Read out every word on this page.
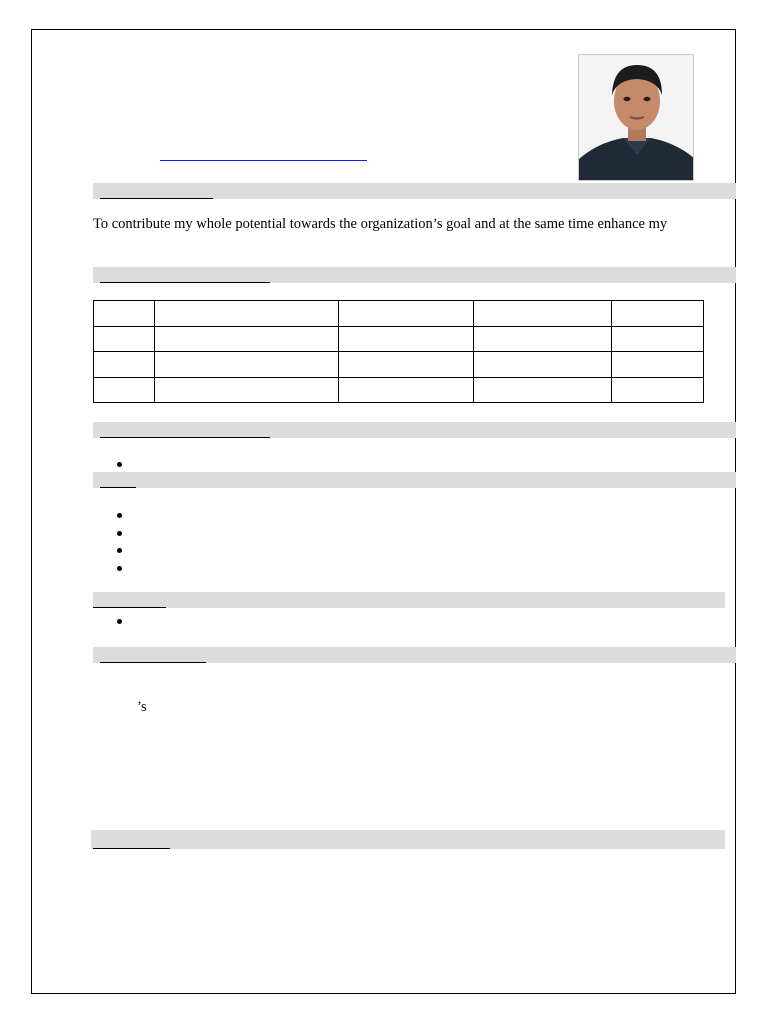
To contribute my whole potential towards the organization’s goal and at the same time enhance my

’s
